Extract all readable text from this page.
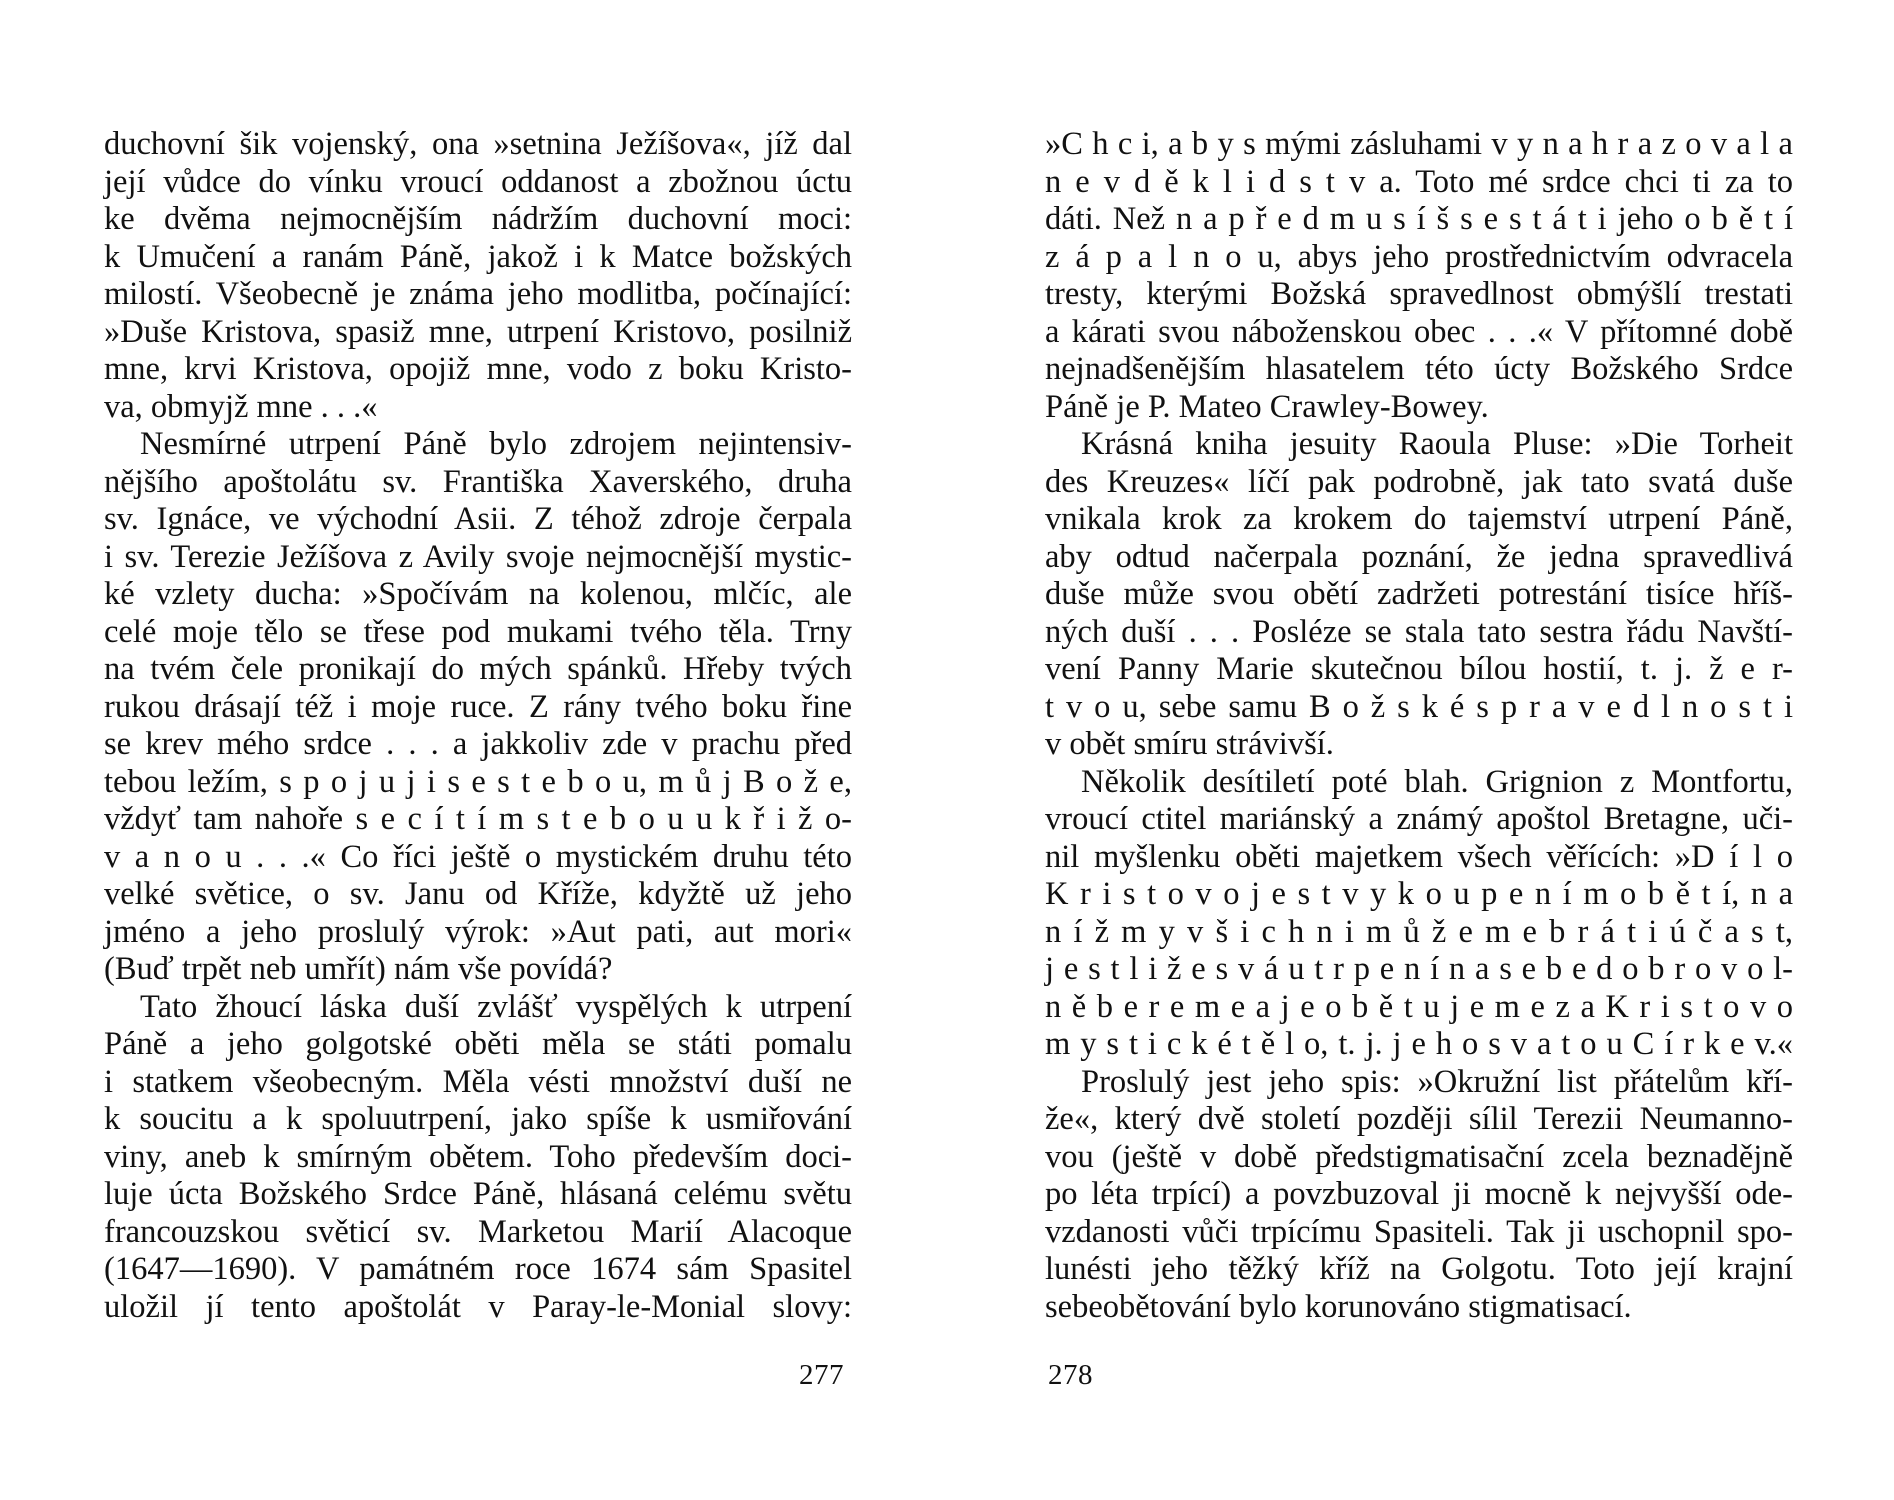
duchovní šik vojenský, ona »setnina Ježíšova«, jíž dal
její vůdce do vínku vroucí oddanost a zbožnou úctu
ke dvěma nejmocnějším nádržím duchovní moci:
k Umučení a ranám Páně, jakož i k Matce božských
milostí. Všeobecně je známa jeho modlitba, počínající:
»Duše Kristova, spasiž mne, utrpení Kristovo, posilniž
mne, krvi Kristova, opojiž mne, vodo z boku Kristo-
va, obmyjž mne . . .«
Nesmírné utrpení Páně bylo zdrojem nejintensiv-
nějšího apoštolátu sv. Františka Xaverského, druha
sv. Ignáce, ve východní Asii. Z téhož zdroje čerpala
i sv. Terezie Ježíšova z Avily svoje nejmocnější mystic-
ké vzlety ducha: »Spočívám na kolenou, mlčíc, ale
celé moje tělo se třese pod mukami tvého těla. Trny
na tvém čele pronikají do mých spánků. Hřeby tvých
rukou drásají též i moje ruce. Z rány tvého boku řine
se krev mého srdce . . . a jakkoliv zde v prachu před
tebou ležím, s p o j u j i s e s t e b o u, m ů j B o ž e,
vždyť tam nahoře s e c í t í m s t e b o u u k ř i ž o-
v a n o u . . .« Co říci ještě o mystickém druhu této
velké světice, o sv. Janu od Kříže, kdyžtě už jeho
jméno a jeho proslulý výrok: »Aut pati, aut mori«
(Buď trpět neb umřít) nám vše povídá?
Tato žhoucí láska duší zvlášť vyspělých k utrpení
Páně a jeho golgotské oběti měla se státi pomalu
i statkem všeobecným. Měla vésti množství duší ne
k soucitu a k spoluutrpení, jako spíše k usmiřování
viny, aneb k smírným obětem. Toho především doci-
luje úcta Božského Srdce Páně, hlásaná celému světu
francouzskou světicí sv. Marketou Marií Alacoque
(1647—1690). V památném roce 1674 sám Spasitel
uložil jí tento apoštolát v Paray-le-Monial slovy:
277
»C h c i, a b y s mými zásluhami v y n a h r a z o v a l a
n e v d ě k l i d s t v a. Toto mé srdce chci ti za to
dáti. Než n a p ř e d m u s í š s e s t á t i jeho o b ě t í
z á p a l n o u, abys jeho prostřednictvím odvracela
tresty, kterými Božská spravedlnost obmýšlí trestati
a kárati svou náboženskou obec . . .« V přítomné době
nejnadšenějším hlasatelem této úcty Božského Srdce
Páně je P. Mateo Crawley-Bowey.
Krásná kniha jesuity Raoula Pluse: »Die Torheit
des Kreuzes« líčí pak podrobně, jak tato svatá duše
vnikala krok za krokem do tajemství utrpení Páně,
aby odtud načerpala poznání, že jedna spravedlivá
duše může svou obětí zadržeti potrestání tisíce hříš-
ných duší . . . Posléze se stala tato sestra řádu Navští-
vení Panny Marie skutečnou bílou hostií, t. j. ž e r-
t v o u, sebe samu B o ž s k é s p r a v e d l n o s t i
v obět smíru strávivší.
Několik desítiletí poté blah. Grignion z Montfortu,
vroucí ctitel mariánský a známý apoštol Bretagne, uči-
nil myšlenku oběti majetkem všech věřících: »D í l o
K r i s t o v o j e s t v y k o u p e n í m o b ě t í, n a
n í ž m y v š i c h n i m ů ž e m e b r á t i ú č a s t,
j e s t l i ž e s v á u t r p e n í n a s e b e d o b r o v o l-
n ě b e r e m e a j e o b ě t u j e m e z a K r i s t o v o
m y s t i c k é t ě l o, t. j. j e h o s v a t o u C í r k e v.«
Proslulý jest jeho spis: »Okružní list přátelům kří-
že«, který dvě století později sílil Terezii Neumanno-
vou (ještě v době předstigmatisační zcela beznadějně
po léta trpící) a povzbuzoval ji mocně k nejvyšší ode-
vzdanosti vůči trpícímu Spasiteli. Tak ji uschopnil spo-
lunésti jeho těžký kříž na Golgotu. Toto její krajní
sebeobětování bylo korunováno stigmatisací.
278
